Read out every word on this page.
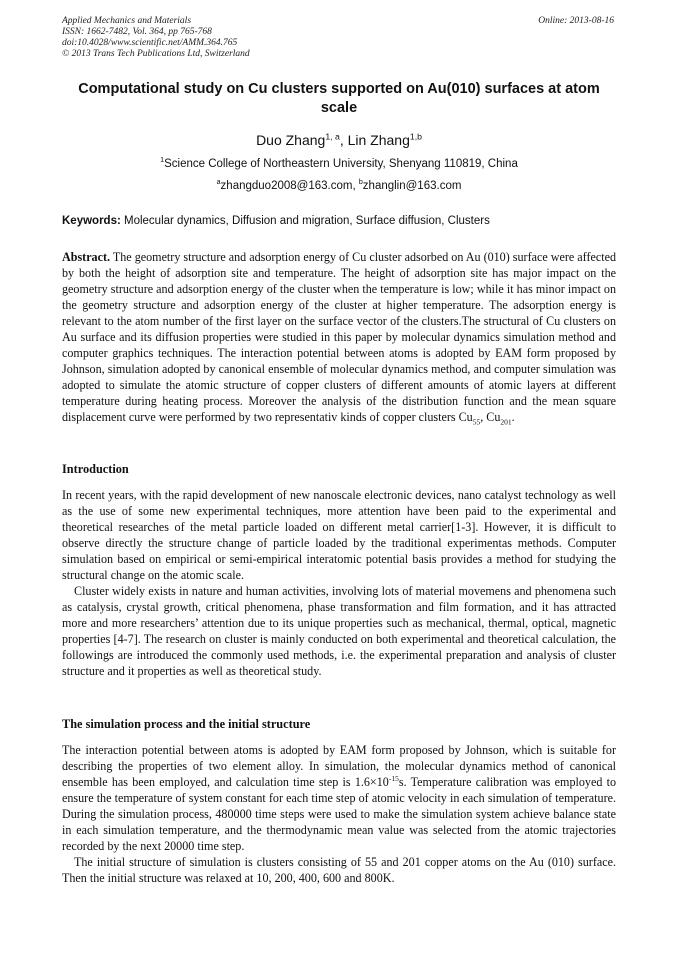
Applied Mechanics and Materials
ISSN: 1662-7482, Vol. 364, pp 765-768
doi:10.4028/www.scientific.net/AMM.364.765
© 2013 Trans Tech Publications Ltd, Switzerland
Online: 2013-08-16
Computational study on Cu clusters supported on Au(010) surfaces at atom scale
Duo Zhang$^{1, a}$, Lin Zhang$^{1,b}$
$^1$Science College of Northeastern University, Shenyang 110819, China
$^a$zhangduo2008@163.com, $^b$zhanglin@163.com
Keywords: Molecular dynamics, Diffusion and migration, Surface diffusion, Clusters

Abstract. The geometry structure and adsorption energy of Cu cluster adsorbed on Au (010) surface were affected by both the height of adsorption site and temperature. The height of adsorption site has major impact on the geometry structure and adsorption energy of the cluster when the temperature is low; while it has minor impact on the geometry structure and adsorption energy of the cluster at higher temperature. The adsorption energy is relevant to the atom number of the first layer on the surface vector of the clusters.The structural of Cu clusters on Au surface and its diffusion properties were studied in this paper by molecular dynamics simulation method and computer graphics techniques. The interaction potential between atoms is adopted by EAM form proposed by Johnson, simulation adopted by canonical ensemble of molecular dynamics method, and computer simulation was adopted to simulate the atomic structure of copper clusters of different amounts of atomic layers at different temperature during heating process. Moreover the analysis of the distribution function and the mean square displacement curve were performed by two representativ kinds of copper clusters $Cu_{55}$, $Cu_{201}$.

Introduction

In recent years, with the rapid development of new nanoscale electronic devices, nano catalyst technology as well as the use of some new experimental techniques, more attention have been paid to the experimental and theoretical researches of the metal particle loaded on different metal carrier[1-3]. However, it is difficult to observe directly the structure change of particle loaded by the traditional experimentas methods. Computer simulation based on empirical or semi-empirical interatomic potential basis provides a method for studying the structural change on the atomic scale.

Cluster widely exists in nature and human activities, involving lots of material movemens and phenomena such as catalysis, crystal growth, critical phenomena, phase transformation and film formation, and it has attracted more and more researchers’ attention due to its unique properties such as mechanical, thermal, optical, magnetic properties [4-7]. The research on cluster is mainly conducted on both experimental and theoretical calculation, the followings are introduced the commonly used methods, i.e. the experimental preparation and analysis of cluster structure and it properties as well as theoretical study.

The simulation process and the initial structure

The interaction potential between atoms is adopted by EAM form proposed by Johnson, which is suitable for describing the properties of two element alloy. In simulation, the molecular dynamics method of canonical ensemble has been employed, and calculation time step is $1.6\times 10^{-15}s$. Temperature calibration was employed to ensure the temperature of system constant for each time step of atomic velocity in each simulation of temperature. During the simulation process, 480000 time steps were used to make the simulation system achieve balance state in each simulation temperature, and the thermodynamic mean value was selected from the atomic trajectories recorded by the next 20000 time step.

The initial structure of simulation is clusters consisting of 55 and 201 copper atoms on the Au (010) surface. Then the initial structure was relaxed at 10, 200, 400, 600 and 800K.
